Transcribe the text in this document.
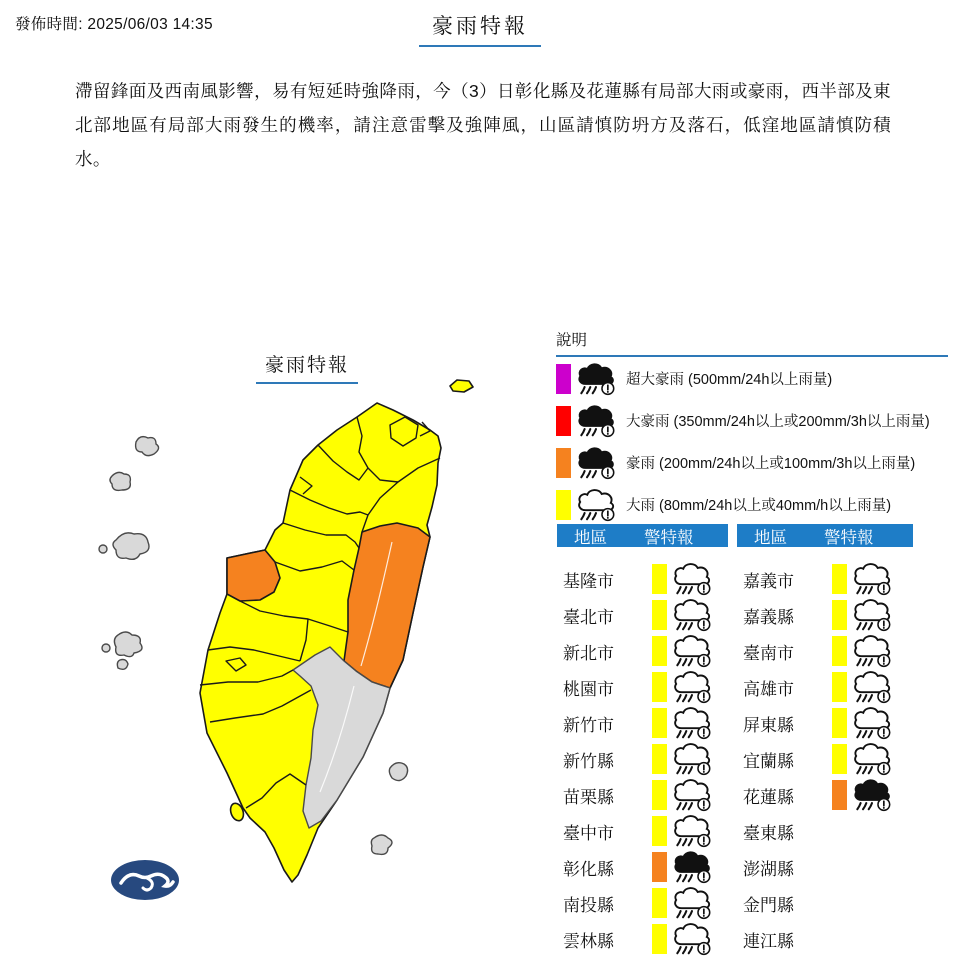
發佈時間: 2025/06/03 14:35	豪雨特報
滯留鋒面及西南風影響，易有短延時強降雨，今（3）日彰化縣及花蓮縣有局部大雨或豪雨，西半部及東北部地區有局部大雨發生的機率，請注意雷擊及強陣風，山區請慎防坍方及落石，低窪地區請慎防積水。
豪雨特報
說明
超大豪雨 (500mm/24h以上雨量)
大豪雨 (350mm/24h以上或200mm/3h以上雨量)
豪雨 (200mm/24h以上或100mm/3h以上雨量)
大雨 (80mm/24h以上或40mm/h以上雨量)
地區 警特報
基隆市
臺北市
新北市
桃園市
新竹市
新竹縣
苗栗縣
臺中市
彰化縣
南投縣
雲林縣
地區 警特報
嘉義市
嘉義縣
臺南市
高雄市
屏東縣
宜蘭縣
花蓮縣
臺東縣
澎湖縣
金門縣
連江縣
